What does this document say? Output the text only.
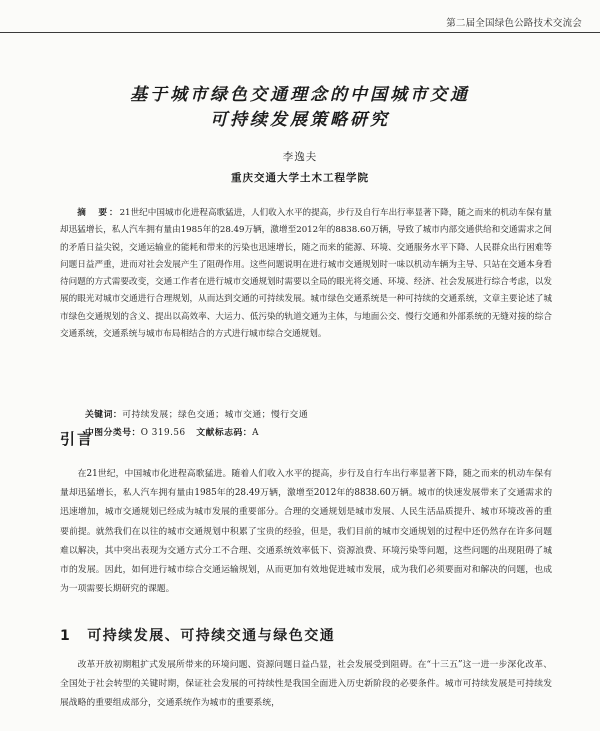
第二届全国绿色公路技术交流会
基于城市绿色交通理念的中国城市交通
可持续发展策略研究
李逸夫
重庆交通大学土木工程学院
摘　要：21世纪中国城市化进程高歌猛进，人们收入水平的提高，步行及自行车出行率显著下降，随之而来的机动车保有量却迅猛增长，私人汽车拥有量由1985年的28.49万辆，激增至2012年的8838.60万辆，导致了城市内部交通供给和交通需求之间的矛盾日益尖锐，交通运输业的能耗和带来的污染也迅速增长，随之而来的能源、环境、交通服务水平下降、人民群众出行困难等问题日益严重，进而对社会发展产生了阻碍作用。这些问题说明在进行城市交通规划时一味以机动车辆为主导、只站在交通本身看待问题的方式需要改变，交通工作者在进行城市交通规划时需要以全局的眼光将交通、环境、经济、社会发展进行综合考虑，以发展的眼光对城市交通进行合理规划，从而达到交通的可持续发展。城市绿色交通系统是一种可持续的交通系统，文章主要论述了城市绿色交通规划的含义、提出以高效率、大运力、低污染的轨道交通为主体，与地面公交、慢行交通和外部系统的无缝对接的综合交通系统，交通系统与城市布局相结合的方式进行城市综合交通规划。
关键词：可持续发展；绿色交通；城市交通；慢行交通
中图分类号：O 319.56 文献标志码：A
引言
在21世纪，中国城市化进程高歌猛进。随着人们收入水平的提高，步行及自行车出行率显著下降，随之而来的机动车保有量却迅猛增长，私人汽车拥有量由1985年的28.49万辆，激增至2012年的8838.60万辆。城市的快速发展带来了交通需求的迅速增加，城市交通规划已经成为城市发展的重要部分。合理的交通规划是城市发展、人民生活品质提升、城市环境改善的重要前提。就然我们在以往的城市交通规划中积累了宝贵的经验，但是，我们目前的城市交通规划的过程中还仍然存在许多问题难以解决，其中突出表现为交通方式分工不合理、交通系统效率低下、资源浪费、环境污染等问题，这些问题的出现阻碍了城市的发展。因此，如何进行城市综合交通运输规划，从而更加有效地促进城市发展，成为我们必须要面对和解决的问题，也成为一项需要长期研究的课题。
1 可持续发展、可持续交通与绿色交通
改革开放初期粗扩式发展所带来的环境问题、资源问题日益凸显，社会发展受到阻碍。在“十三五”这一进一步深化改革、全国处于社会转型的关键时期，保证社会发展的可持续性是我国全面进入历史新阶段的必要条件。城市可持续发展是可持续发展战略的重要组成部分，交通系统作为城市的重要系统，
